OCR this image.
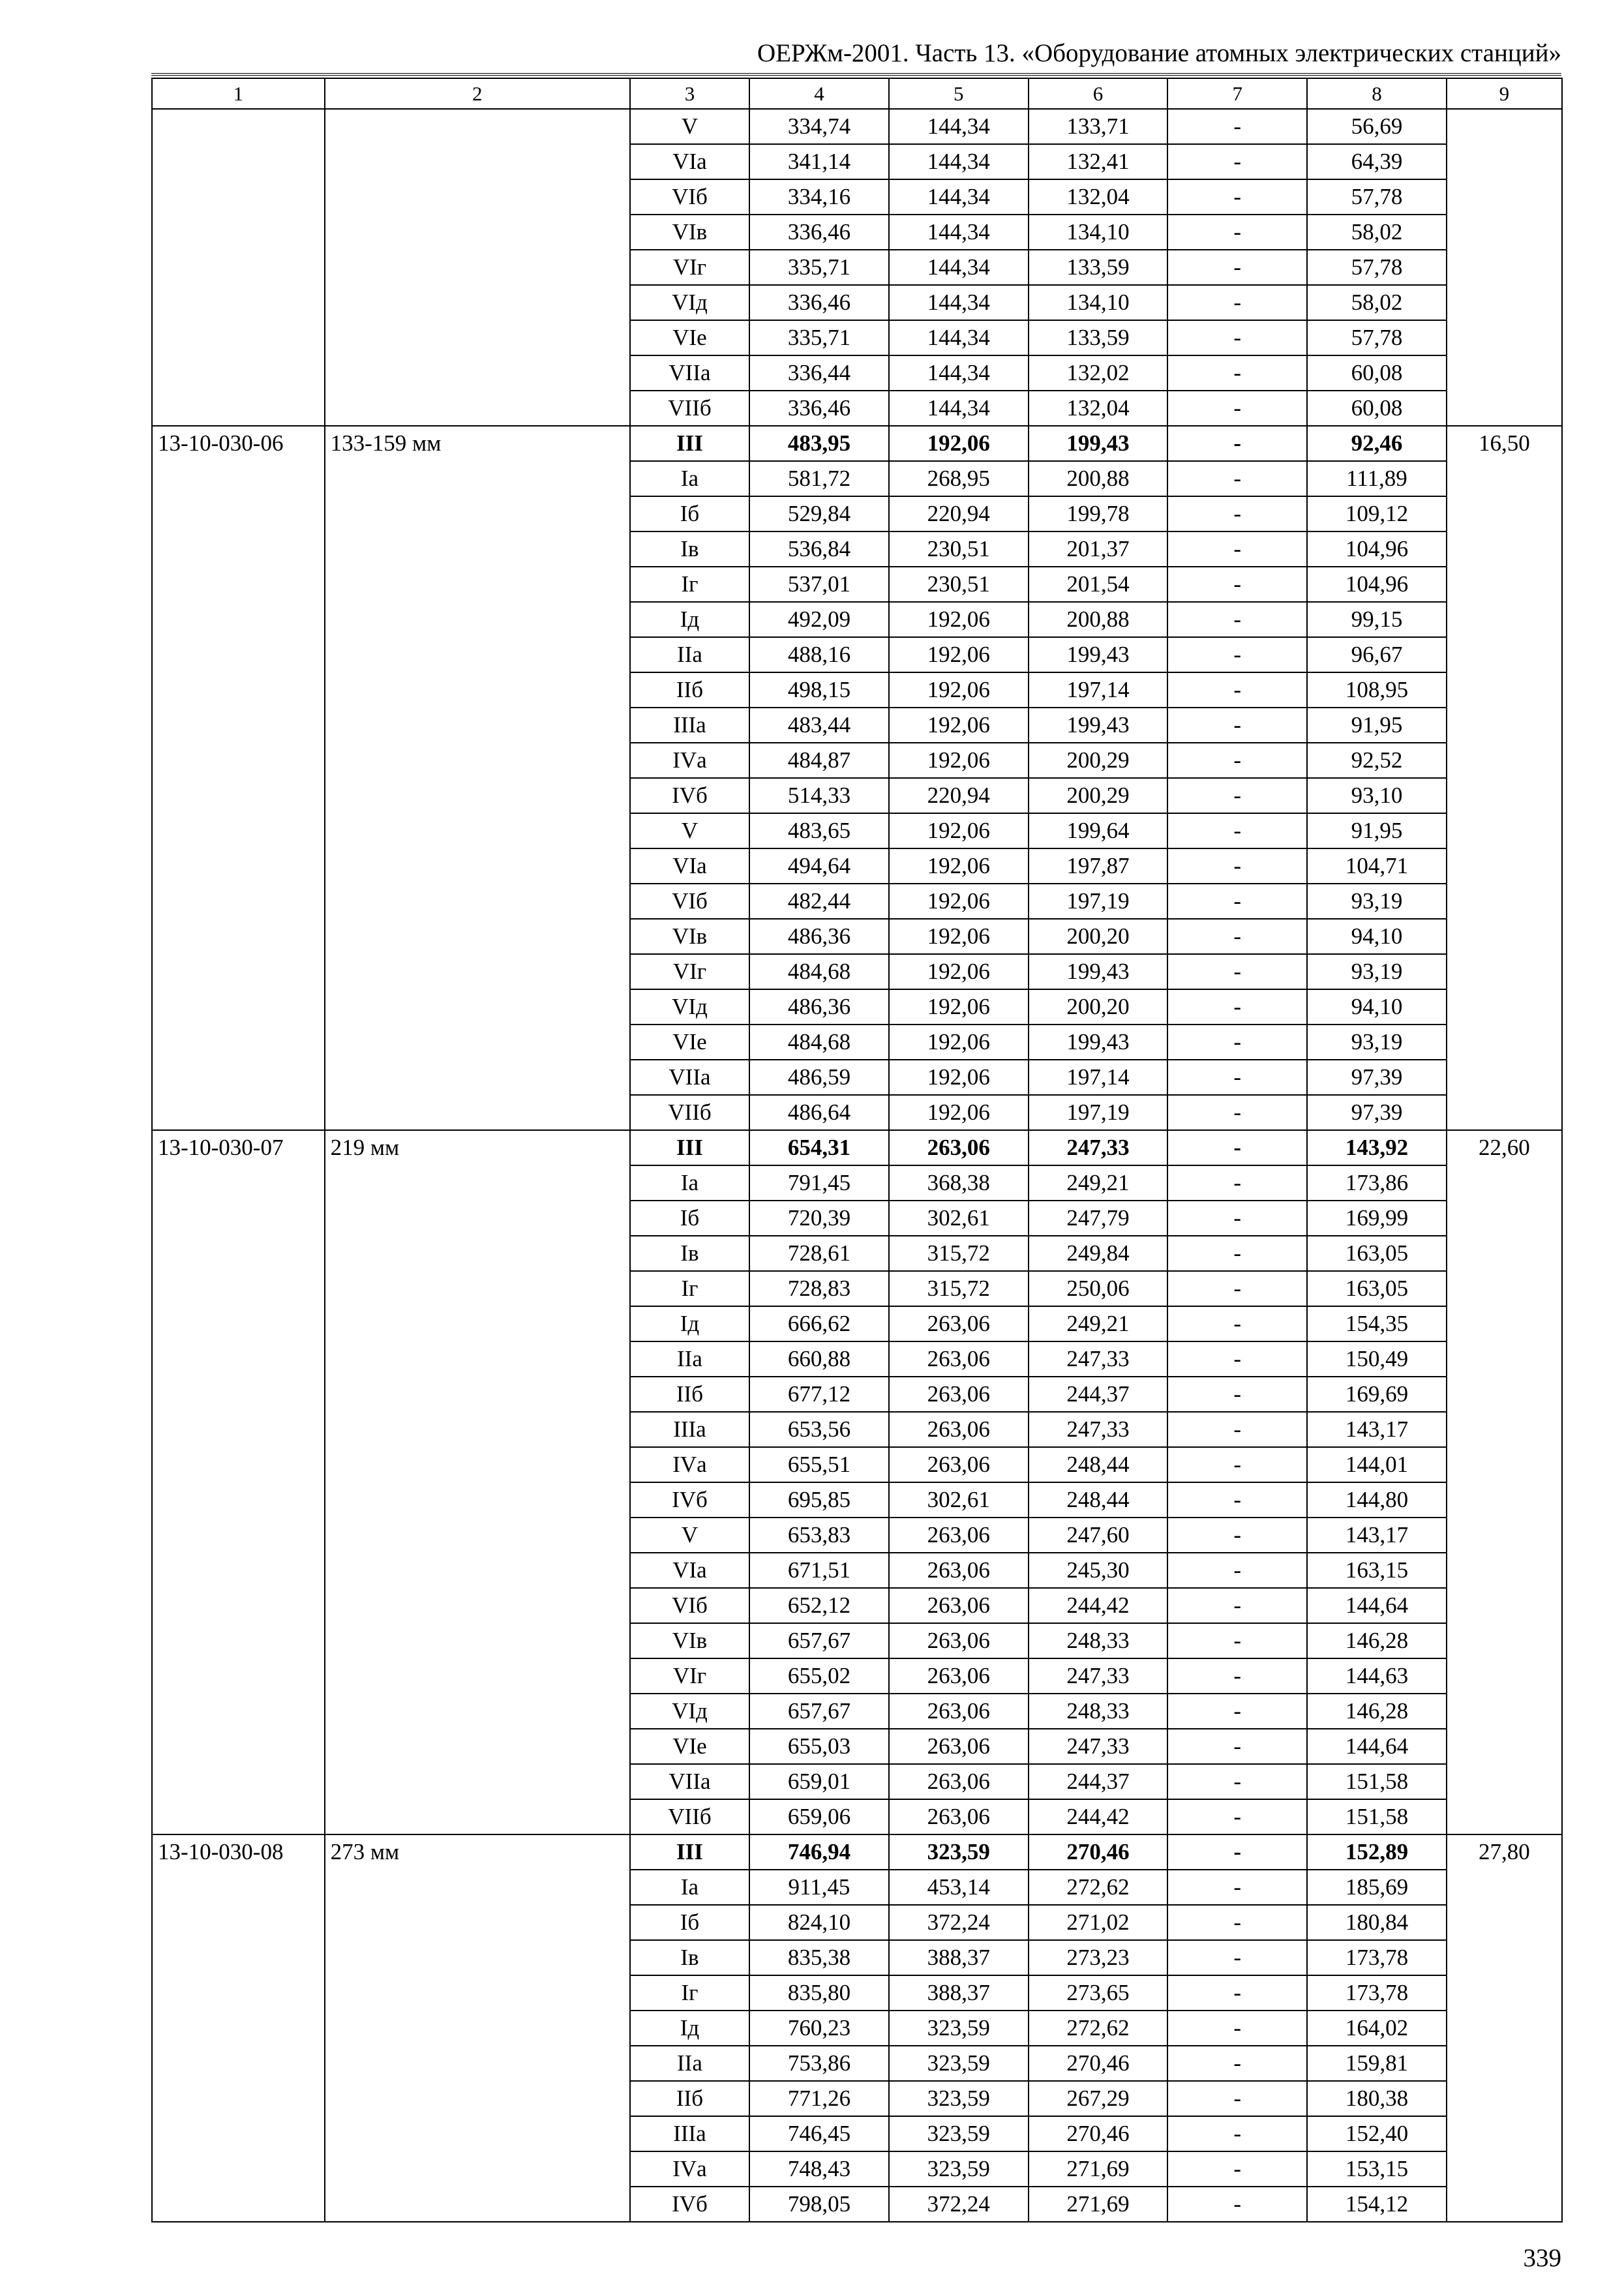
ОЕРЖм-2001. Часть 13. «Оборудование атомных электрических станций»
1	2	3	4	5	6	7	8	9
		V	334,74	144,34	133,71	-	56,69	
		VIа	341,14	144,34	132,41	-	64,39	
		VIб	334,16	144,34	132,04	-	57,78	
		VIв	336,46	144,34	134,10	-	58,02	
		VIг	335,71	144,34	133,59	-	57,78	
		VIд	336,46	144,34	134,10	-	58,02	
		VIе	335,71	144,34	133,59	-	57,78	
		VIIа	336,44	144,34	132,02	-	60,08	
		VIIб	336,46	144,34	132,04	-	60,08	
13-10-030-06	133-159 мм	III	483,95	192,06	199,43	-	92,46	16,50
		Iа	581,72	268,95	200,88	-	111,89	
		Iб	529,84	220,94	199,78	-	109,12	
		Iв	536,84	230,51	201,37	-	104,96	
		Iг	537,01	230,51	201,54	-	104,96	
		Iд	492,09	192,06	200,88	-	99,15	
		IIа	488,16	192,06	199,43	-	96,67	
		IIб	498,15	192,06	197,14	-	108,95	
		IIIа	483,44	192,06	199,43	-	91,95	
		IVа	484,87	192,06	200,29	-	92,52	
		IVб	514,33	220,94	200,29	-	93,10	
		V	483,65	192,06	199,64	-	91,95	
		VIа	494,64	192,06	197,87	-	104,71	
		VIб	482,44	192,06	197,19	-	93,19	
		VIв	486,36	192,06	200,20	-	94,10	
		VIг	484,68	192,06	199,43	-	93,19	
		VIд	486,36	192,06	200,20	-	94,10	
		VIе	484,68	192,06	199,43	-	93,19	
		VIIа	486,59	192,06	197,14	-	97,39	
		VIIб	486,64	192,06	197,19	-	97,39	
13-10-030-07	219 мм	III	654,31	263,06	247,33	-	143,92	22,60
		Iа	791,45	368,38	249,21	-	173,86	
		Iб	720,39	302,61	247,79	-	169,99	
		Iв	728,61	315,72	249,84	-	163,05	
		Iг	728,83	315,72	250,06	-	163,05	
		Iд	666,62	263,06	249,21	-	154,35	
		IIа	660,88	263,06	247,33	-	150,49	
		IIб	677,12	263,06	244,37	-	169,69	
		IIIа	653,56	263,06	247,33	-	143,17	
		IVа	655,51	263,06	248,44	-	144,01	
		IVб	695,85	302,61	248,44	-	144,80	
		V	653,83	263,06	247,60	-	143,17	
		VIа	671,51	263,06	245,30	-	163,15	
		VIб	652,12	263,06	244,42	-	144,64	
		VIв	657,67	263,06	248,33	-	146,28	
		VIг	655,02	263,06	247,33	-	144,63	
		VIд	657,67	263,06	248,33	-	146,28	
		VIе	655,03	263,06	247,33	-	144,64	
		VIIа	659,01	263,06	244,37	-	151,58	
		VIIб	659,06	263,06	244,42	-	151,58	
13-10-030-08	273 мм	III	746,94	323,59	270,46	-	152,89	27,80
		Iа	911,45	453,14	272,62	-	185,69	
		Iб	824,10	372,24	271,02	-	180,84	
		Iв	835,38	388,37	273,23	-	173,78	
		Iг	835,80	388,37	273,65	-	173,78	
		Iд	760,23	323,59	272,62	-	164,02	
		IIа	753,86	323,59	270,46	-	159,81	
		IIб	771,26	323,59	267,29	-	180,38	
		IIIа	746,45	323,59	270,46	-	152,40	
		IVа	748,43	323,59	271,69	-	153,15	
		IVб	798,05	372,24	271,69	-	154,12	
339
